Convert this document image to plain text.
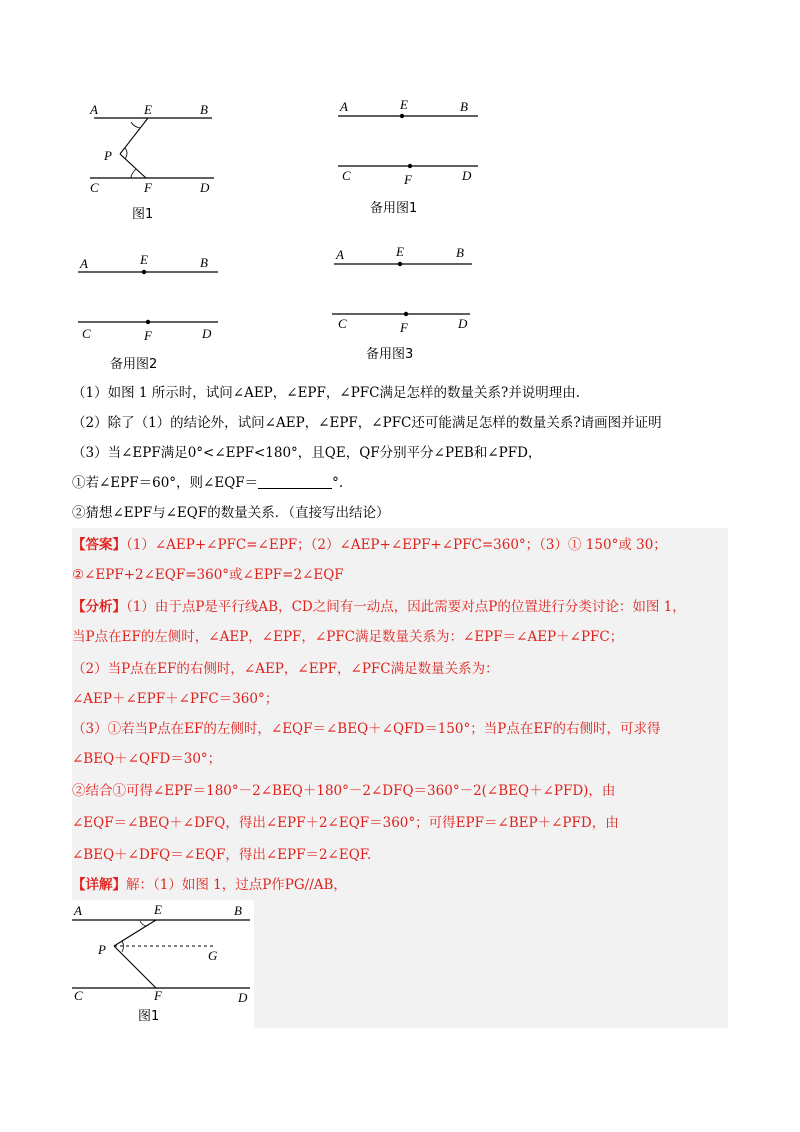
A	E	B
P
C	F	D
图1
A	E	B
C	F	D
备用图1
A	E	B
C	F	D
备用图2
A	E	B
C	F	D
备用图3
（1）如图 1 所示时，试问∠AEP，∠EPF，∠PFC满足怎样的数量关系?并说明理由.
（2）除了（1）的结论外，试问∠AEP，∠EPF，∠PFC还可能满足怎样的数量关系?请画图并证明
（3）当∠EPF满足0°<∠EPF<180°，且QE，QF分别平分∠PEB和∠PFD，
①若∠EPF＝60°，则∠EQF＝	°.
②猜想∠EPF与∠EQF的数量关系．（直接写出结论）
【答案】（1）∠AEP+∠PFC=∠EPF；（2）∠AEP+∠EPF+∠PFC=360°；（3）① 150°或 30；
②∠EPF+2∠EQF=360°或∠EPF=2∠EQF
【分析】（1）由于点P是平行线AB，CD之间有一动点，因此需要对点P的位置进行分类讨论：如图 1，
当P点在EF的左侧时，∠AEP，∠EPF，∠PFC满足数量关系为：∠EPF＝∠AEP＋∠PFC；
（2）当P点在EF的右侧时，∠AEP，∠EPF，∠PFC满足数量关系为：
∠AEP＋∠EPF＋∠PFC＝360°；
（3）①若当P点在EF的左侧时，∠EQF＝∠BEQ＋∠QFD＝150°；当P点在EF的右侧时，可求得
∠BEQ＋∠QFD＝30°；
②结合①可得∠EPF＝180°－2∠BEQ＋180°－2∠DFQ＝360°－2(∠BEQ＋∠PFD)，由
∠EQF＝∠BEQ＋∠DFQ，得出∠EPF＋2∠EQF＝360°；可得EPF＝∠BEP＋∠PFD，由
∠BEQ＋∠DFQ＝∠EQF，得出∠EPF＝2∠EQF.
【详解】解：（1）如图 1，过点P作PG//AB，
A	E	B
P	G
C	F	D
图1
